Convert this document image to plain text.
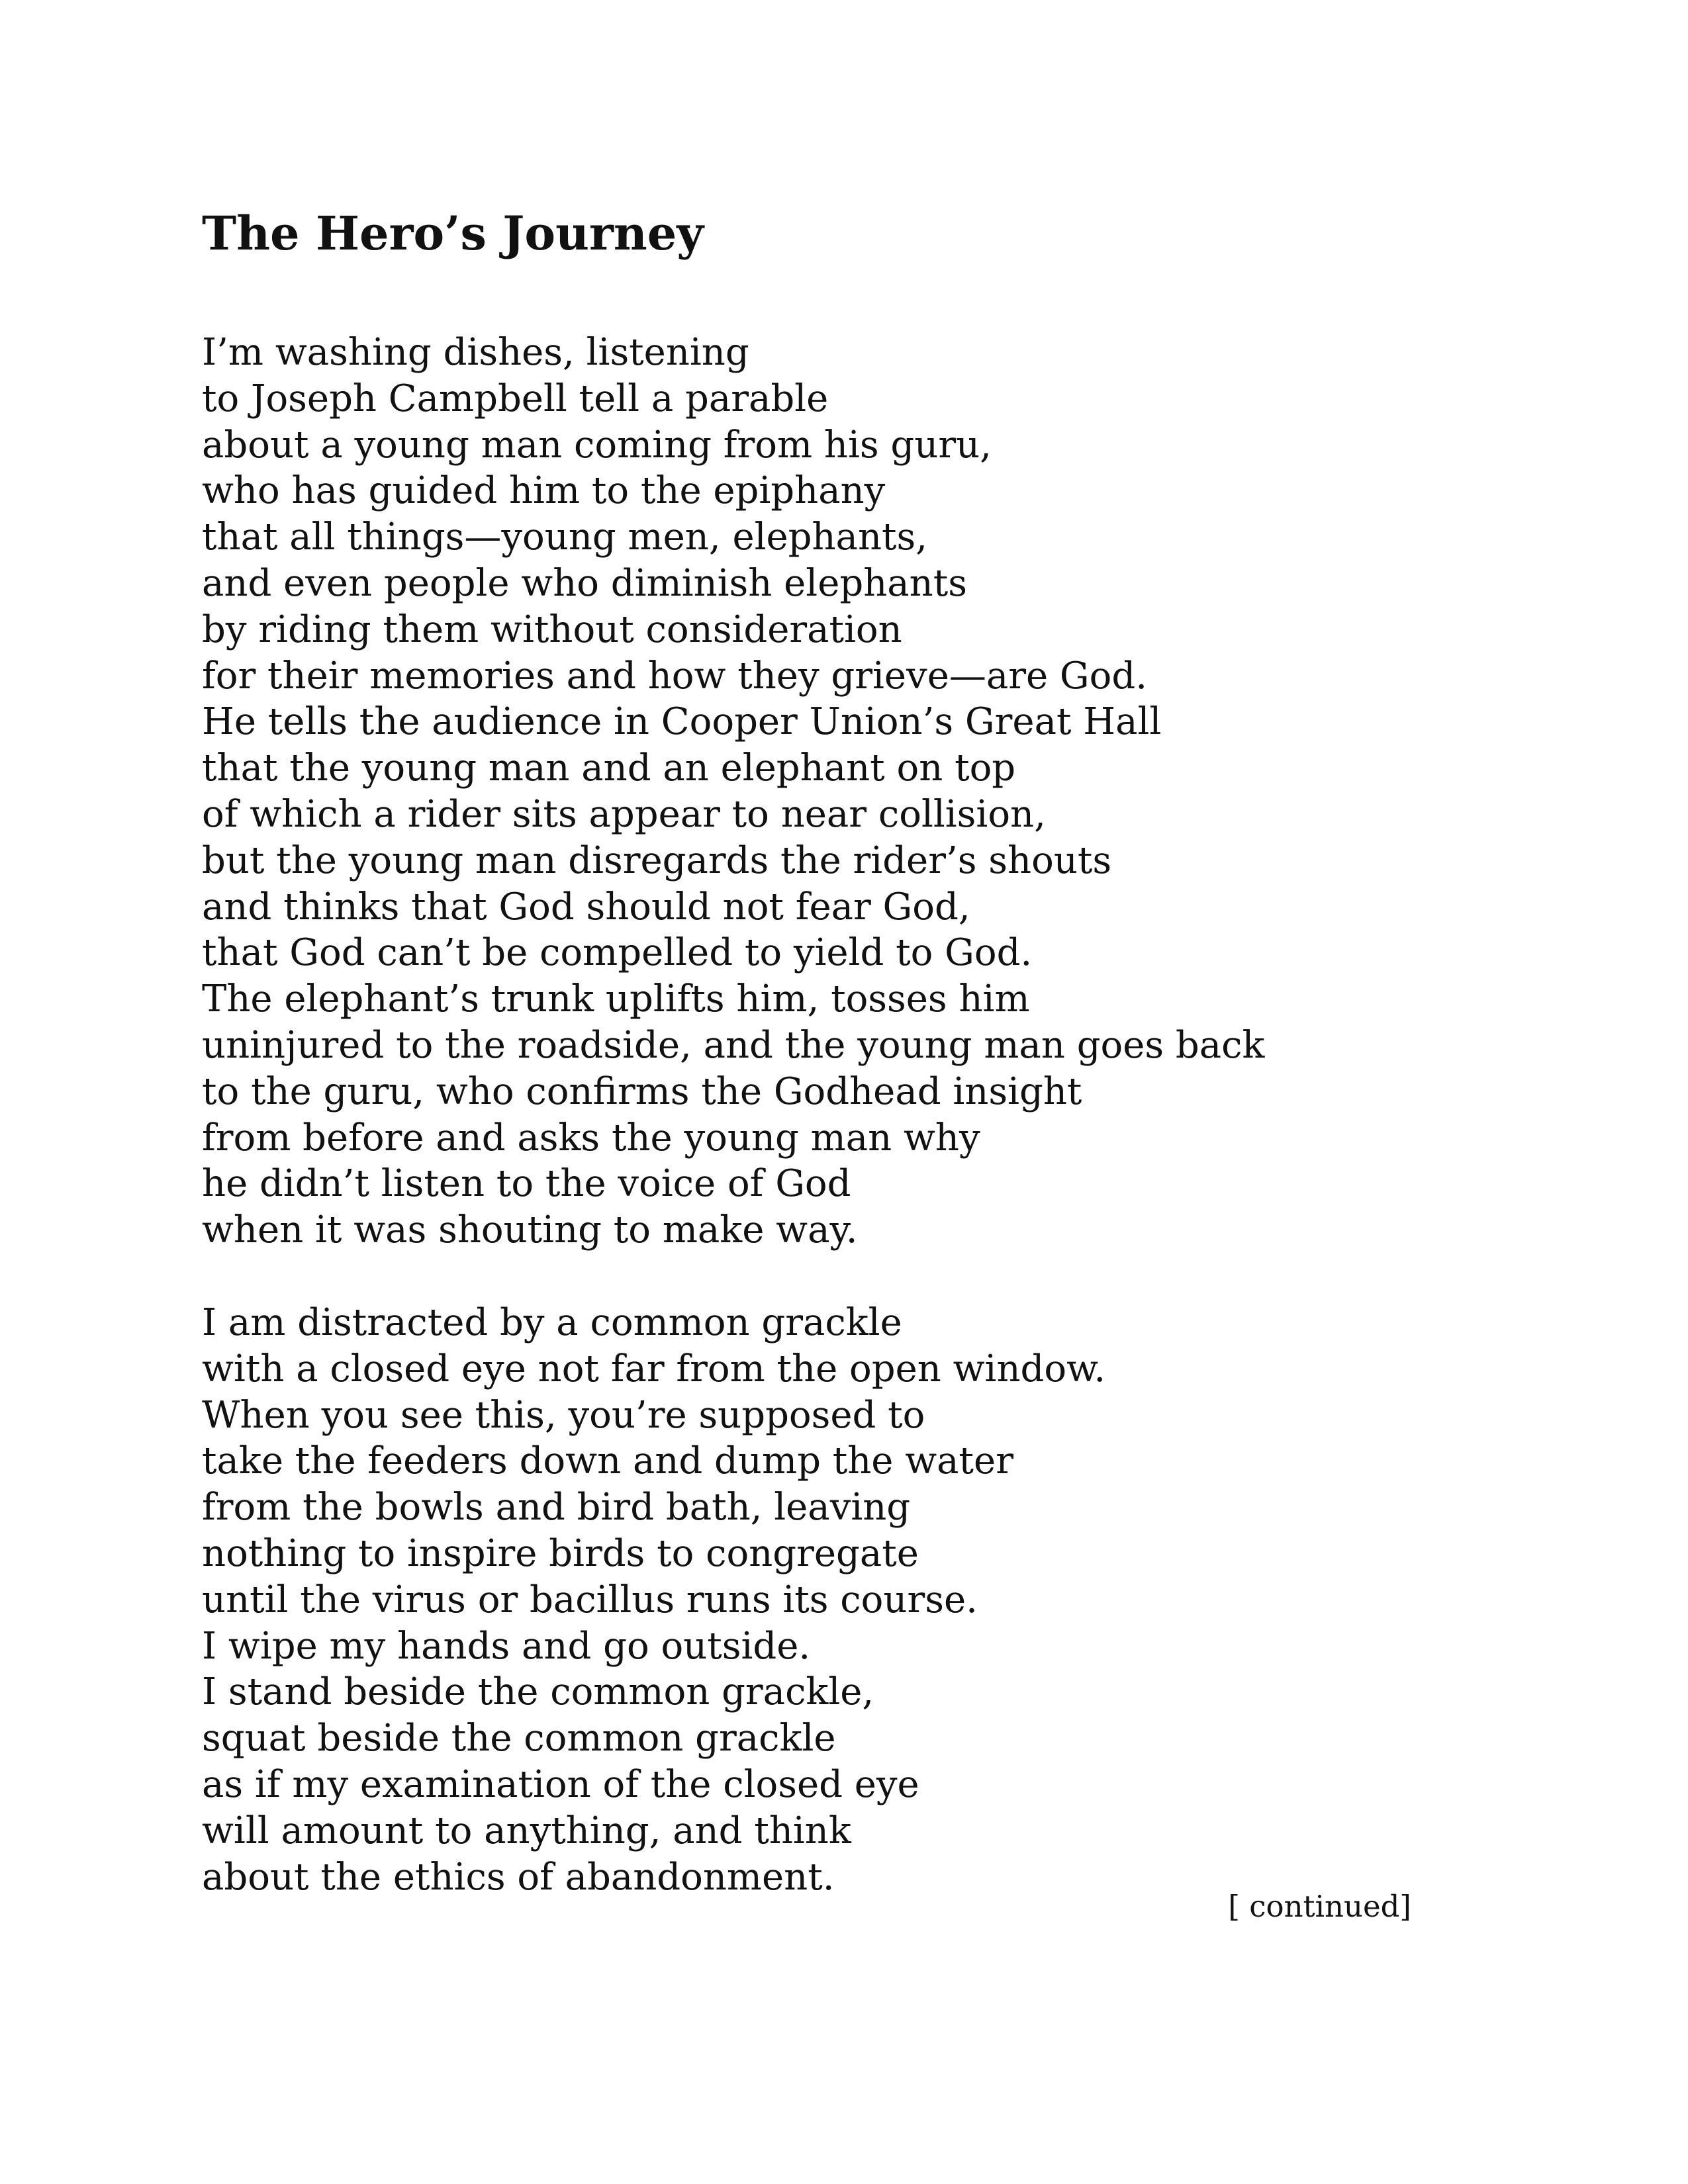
The Hero’s Journey
I’m washing dishes, listening
to Joseph Campbell tell a parable
about a young man coming from his guru,
who has guided him to the epiphany
that all things—young men, elephants,
and even people who diminish elephants
by riding them without consideration
for their memories and how they grieve—are God.
He tells the audience in Cooper Union’s Great Hall
that the young man and an elephant on top
of which a rider sits appear to near collision,
but the young man disregards the rider’s shouts
and thinks that God should not fear God,
that God can’t be compelled to yield to God.
The elephant’s trunk uplifts him, tosses him
uninjured to the roadside, and the young man goes back
to the guru, who confirms the Godhead insight
from before and asks the young man why
he didn’t listen to the voice of God
when it was shouting to make way.
I am distracted by a common grackle
with a closed eye not far from the open window.
When you see this, you’re supposed to
take the feeders down and dump the water
from the bowls and bird bath, leaving
nothing to inspire birds to congregate
until the virus or bacillus runs its course.
I wipe my hands and go outside.
I stand beside the common grackle,
squat beside the common grackle
as if my examination of the closed eye
will amount to anything, and think
about the ethics of abandonment.
[ continued]
